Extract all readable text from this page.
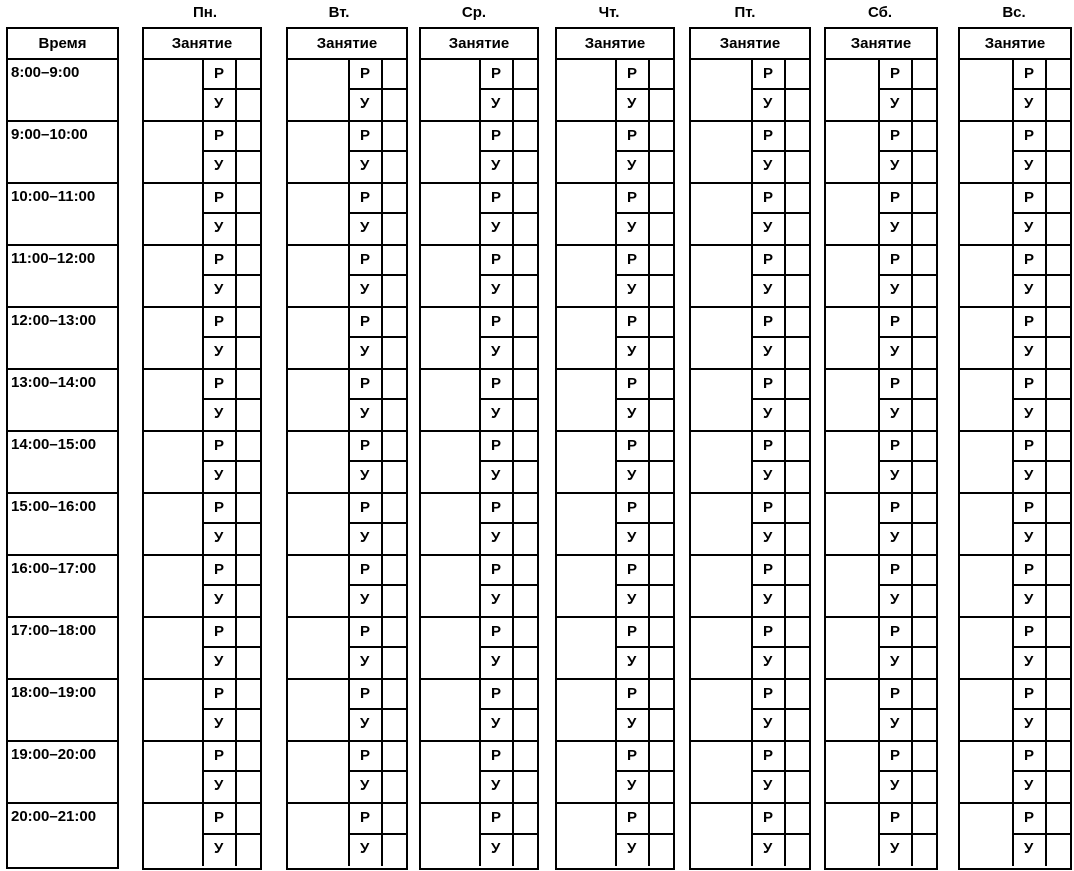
Время
8:00–9:00
9:00–10:00
10:00–11:00
11:00–12:00
12:00–13:00
13:00–14:00
14:00–15:00
15:00–16:00
16:00–17:00
17:00–18:00
18:00–19:00
19:00–20:00
20:00–21:00
Пн.
Занятие
Р
У
Р
У
Р
У
Р
У
Р
У
Р
У
Р
У
Р
У
Р
У
Р
У
Р
У
Р
У
Р
У
Вт.
Занятие
Р
У
Р
У
Р
У
Р
У
Р
У
Р
У
Р
У
Р
У
Р
У
Р
У
Р
У
Р
У
Р
У
Ср.
Занятие
Р
У
Р
У
Р
У
Р
У
Р
У
Р
У
Р
У
Р
У
Р
У
Р
У
Р
У
Р
У
Р
У
Чт.
Занятие
Р
У
Р
У
Р
У
Р
У
Р
У
Р
У
Р
У
Р
У
Р
У
Р
У
Р
У
Р
У
Р
У
Пт.
Занятие
Р
У
Р
У
Р
У
Р
У
Р
У
Р
У
Р
У
Р
У
Р
У
Р
У
Р
У
Р
У
Р
У
Сб.
Занятие
Р
У
Р
У
Р
У
Р
У
Р
У
Р
У
Р
У
Р
У
Р
У
Р
У
Р
У
Р
У
Р
У
Вс.
Занятие
Р
У
Р
У
Р
У
Р
У
Р
У
Р
У
Р
У
Р
У
Р
У
Р
У
Р
У
Р
У
Р
У
